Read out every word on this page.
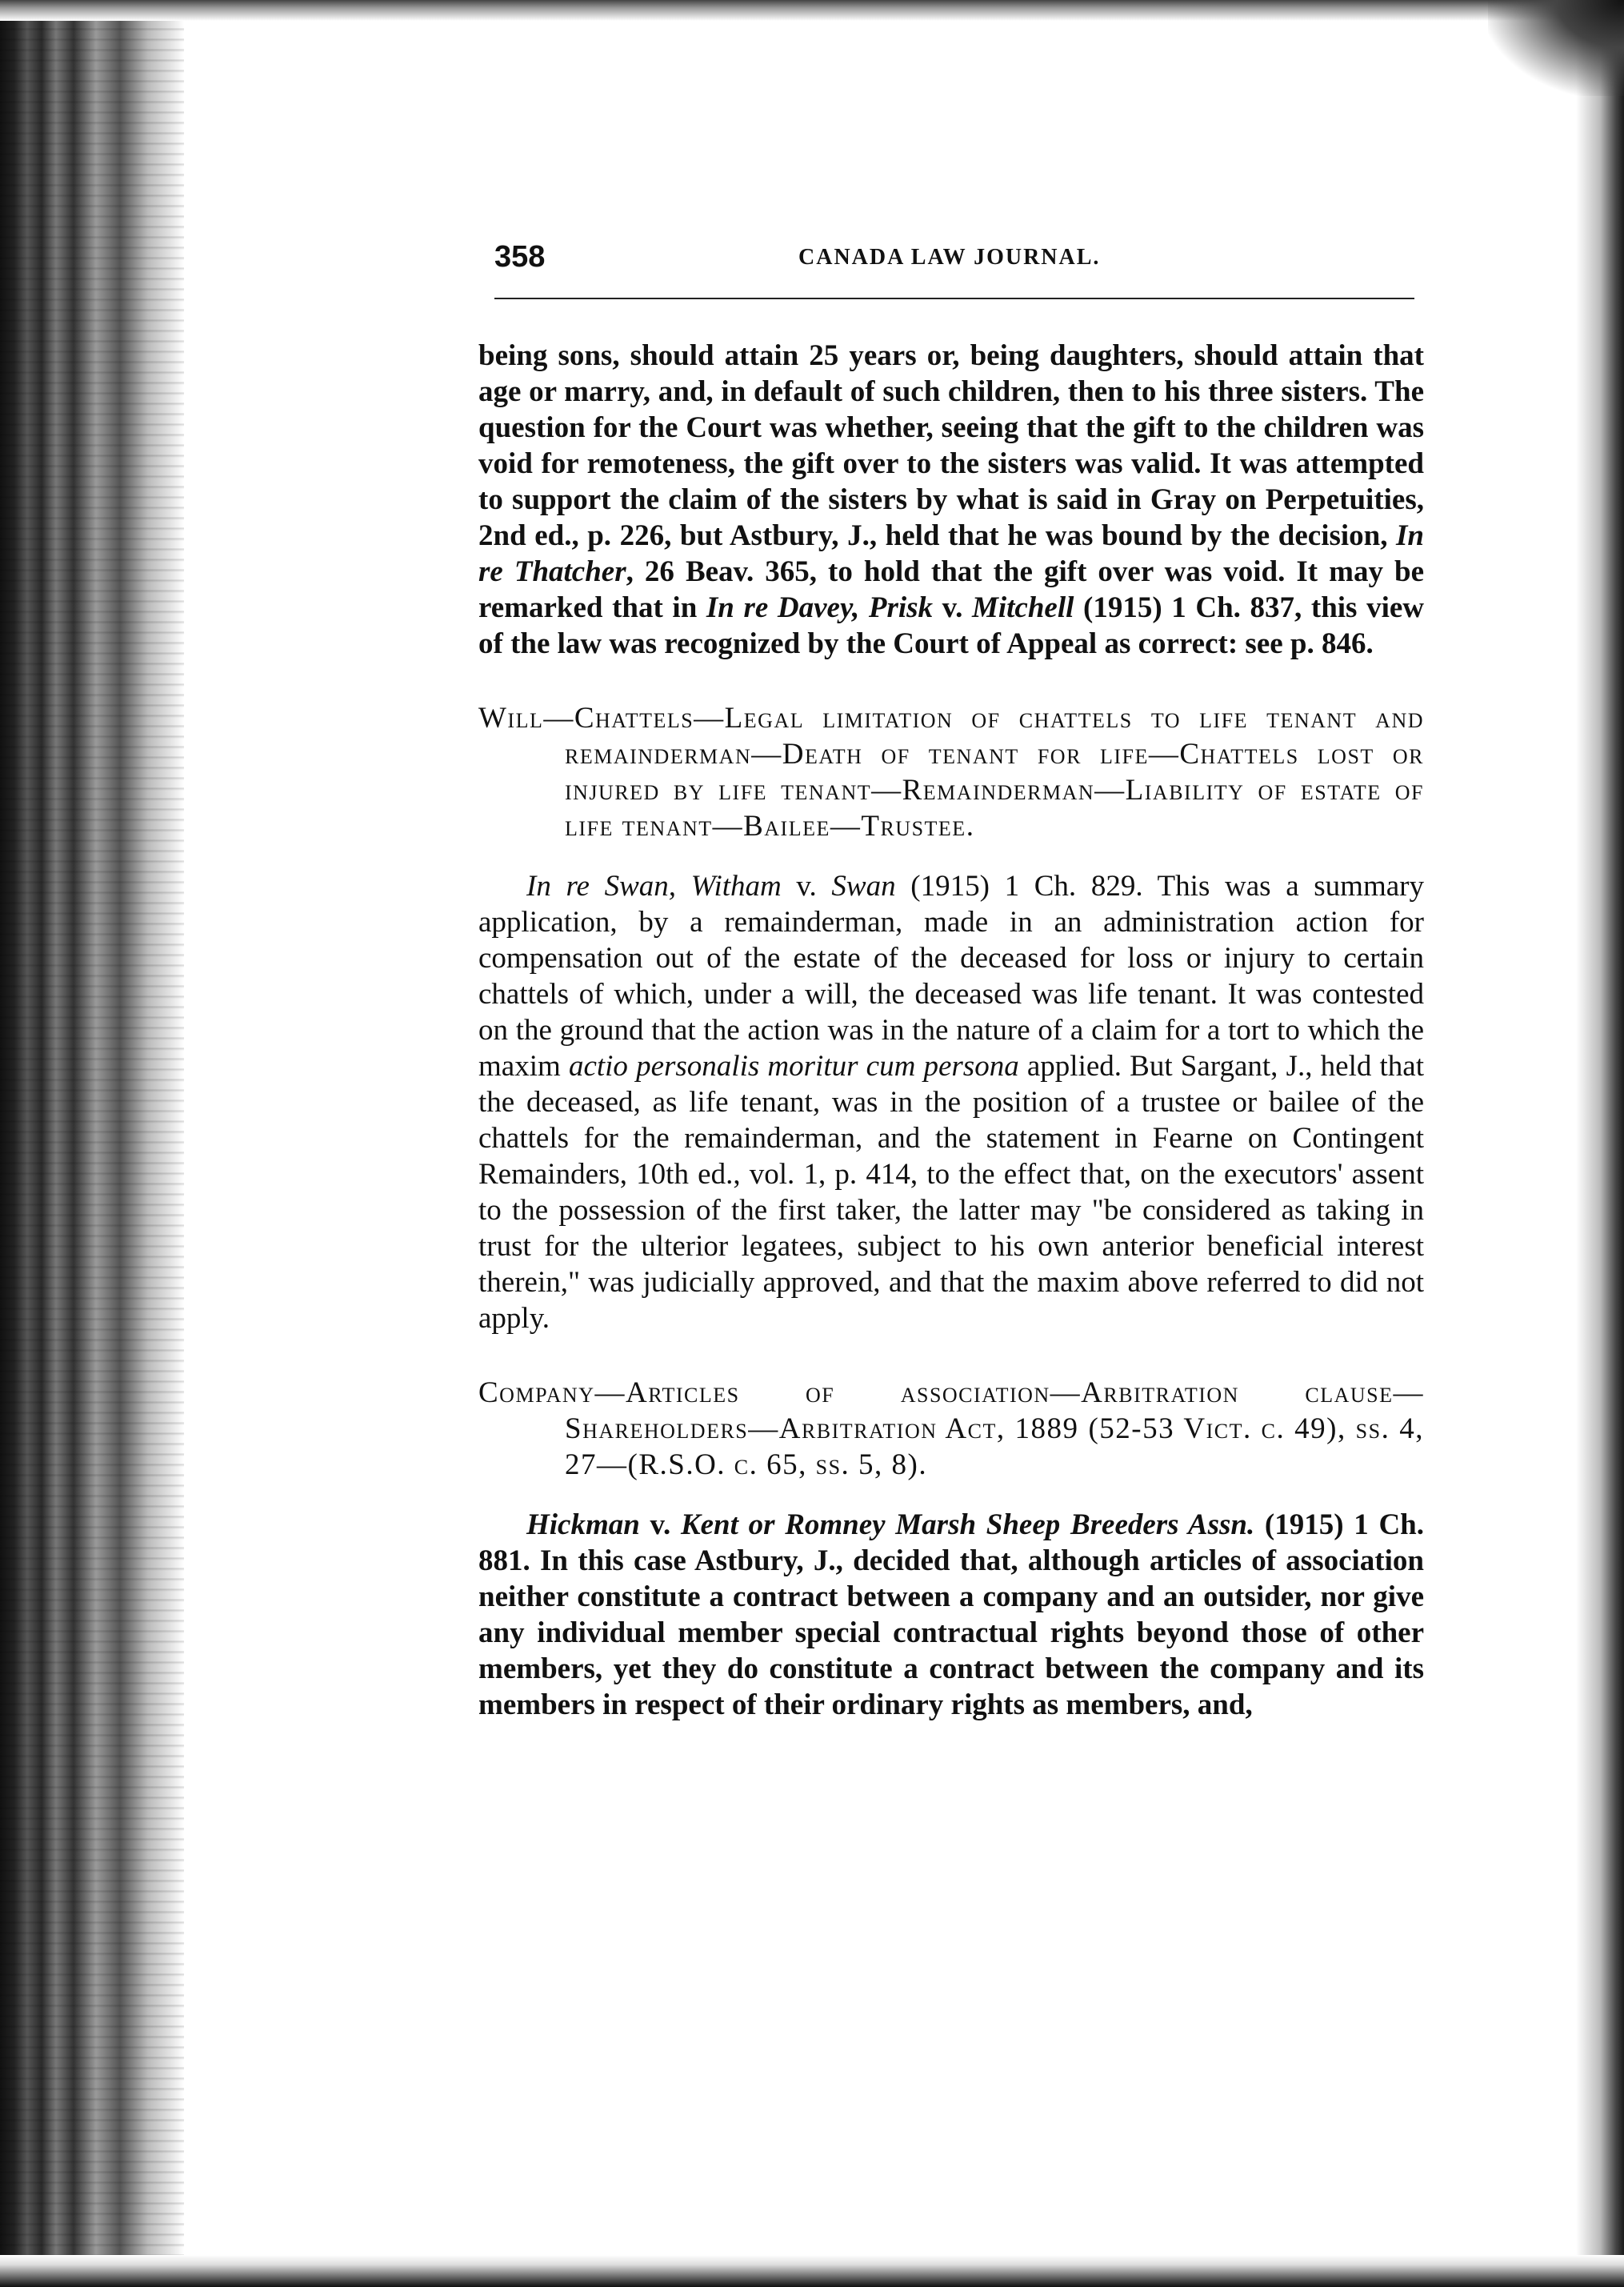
358	CANADA LAW JOURNAL.

being sons, should attain 25 years or, being daughters, should attain that age or marry, and, in default of such children, then to his three sisters. The question for the Court was whether, seeing that the gift to the children was void for remoteness, the gift over to the sisters was valid. It was attempted to support the claim of the sisters by what is said in Gray on Perpetuities, 2nd ed., p. 226, but Astbury, J., held that he was bound by the decision, In re Thatcher, 26 Beav. 365, to hold that the gift over was void. It may be remarked that in In re Davey, Prisk v. Mitchell (1915) 1 Ch. 837, this view of the law was recognized by the Court of Appeal as correct: see p. 846.

Will—Chattels—Legal limitation of chattels to life tenant and remainderman—Death of tenant for life—Chattels lost or injured by life tenant—Remainderman—Liability of estate of life tenant—Bailee—Trustee.

In re Swan, Witham v. Swan (1915) 1 Ch. 829. This was a summary application, by a remainderman, made in an administration action for compensation out of the estate of the deceased for loss or injury to certain chattels of which, under a will, the deceased was life tenant. It was contested on the ground that the action was in the nature of a claim for a tort to which the maxim actio personalis moritur cum persona applied. But Sargant, J., held that the deceased, as life tenant, was in the position of a trustee or bailee of the chattels for the remainderman, and the statement in Fearne on Contingent Remainders, 10th ed., vol. 1, p. 414, to the effect that, on the executors' assent to the possession of the first taker, the latter may "be considered as taking in trust for the ulterior legatees, subject to his own anterior beneficial interest therein," was judicially approved, and that the maxim above referred to did not apply.

Company—Articles of association—Arbitration clause—Shareholders—Arbitration Act, 1889 (52-53 Vict. c. 49), ss. 4, 27—(R.S.O. c. 65, ss. 5, 8).

Hickman v. Kent or Romney Marsh Sheep Breeders Assn. (1915) 1 Ch. 881. In this case Astbury, J., decided that, although articles of association neither constitute a contract between a company and an outsider, nor give any individual member special contractual rights beyond those of other members, yet they do constitute a contract between the company and its members in respect of their ordinary rights as members, and,
